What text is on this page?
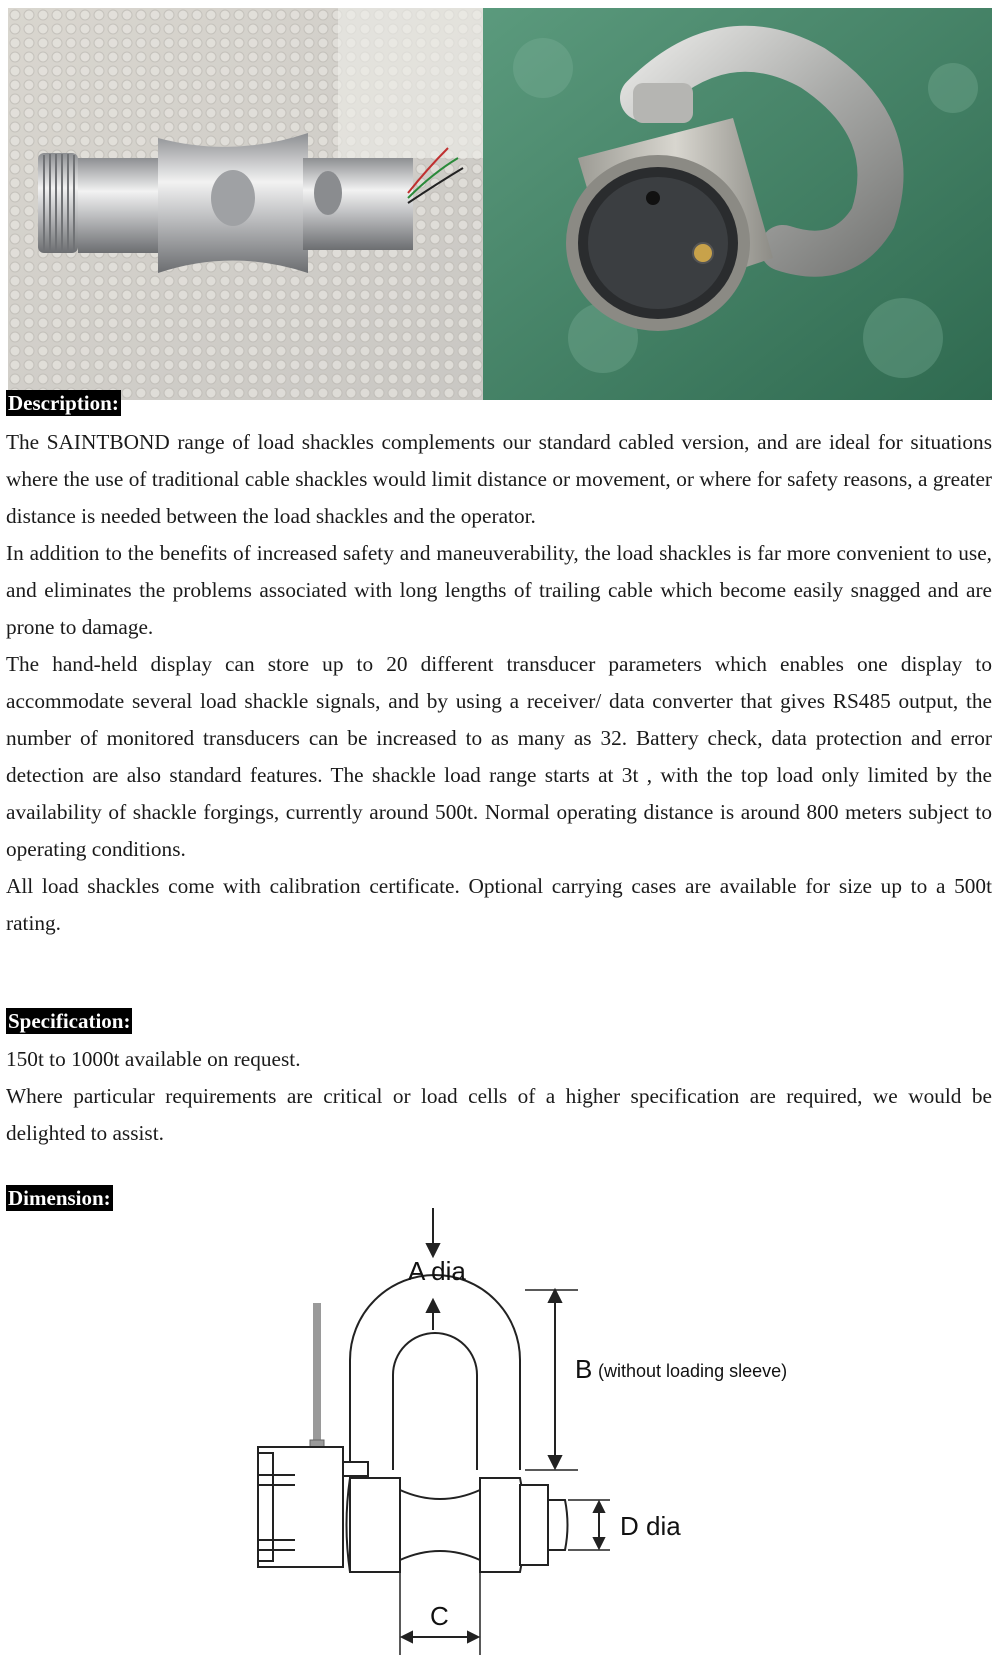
Description:

The SAINTBOND range of load shackles complements our standard cabled version, and are ideal for situations where the use of traditional cable shackles would limit distance or movement, or where for safety reasons, a greater distance is needed between the load shackles and the operator.

In addition to the benefits of increased safety and maneuverability, the load shackles is far more convenient to use, and eliminates the problems associated with long lengths of trailing cable which become easily snagged and are prone to damage.

The hand-held display can store up to 20 different transducer parameters which enables one display to accommodate several load shackle signals, and by using a receiver/ data converter that gives RS485 output, the number of monitored transducers can be increased to as many as 32. Battery check, data protection and error detection are also standard features. The shackle load range starts at 3t , with the top load only limited by the availability of shackle forgings, currently around 500t. Normal operating distance is around 800 meters subject to operating conditions.

All load shackles come with calibration certificate. Optional carrying cases are available for size up to a 500t rating.

Specification:

150t to 1000t available on request.

Where particular requirements are critical or load cells of a higher specification are required, we would be delighted to assist.

Dimension:
A dia
B (without loading sleeve)
D dia
C
